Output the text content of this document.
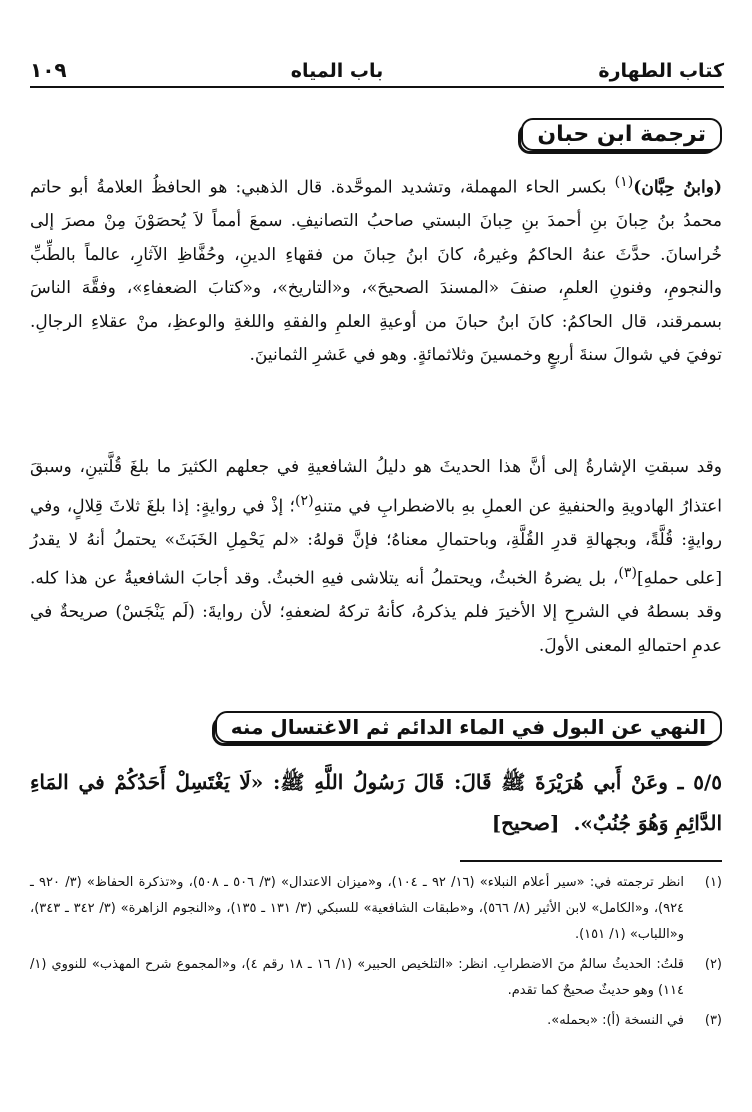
كتاب الطهارة
باب المياه
١٠٩
ترجمة ابن حبان

(وابنُ حِبَّان)$^{(١)}$ بكسر الحاء المهملة، وتشديد الموحَّدة. قال الذهبي: هو الحافظُ العلامةُ أبو حاتم محمدُ بنُ حِبانَ بنِ أحمدَ بنِ حِبانَ البستي صاحبُ التصانيفِ. سمعَ أمماً لاَ يُحصَوْنَ مِنْ مصرَ إلى خُراسانَ. حدَّثَ عنهُ الحاكمُ وغيرهُ، كانَ ابنُ حِبانَ من فقهاءِ الدينِ، وحُفَّاظِ الآثارِ، عالماً بالطِّبِّ والنجومِ، وفنونِ العلمِ، صنفَ «المسندَ الصحيحَ»، و«التاريخ»، و«كتابَ الضعفاءِ»، وفقَّهَ الناسَ بسمرقند، قال الحاكمُ: كانَ ابنُ حبانَ من أوعيةِ العلمِ والفقهِ واللغةِ والوعظِ، منْ عقلاءِ الرجالِ. توفيَ في شوالَ سنةَ أربعٍ وخمسينَ وثلاثمائةٍ. وهو في عَشرِ الثمانينَ.

وقد سبقتِ الإشارةُ إلى أنَّ هذا الحديثَ هو دليلُ الشافعيةِ في جعلهم الكثيرَ ما بلغَ قُلَّتينِ، وسبقَ اعتذارُ الهادويةِ والحنفيةِ عن العملِ بهِ بالاضطرابِ في متنهِ$^{(٢)}$؛ إذْ في روايةٍ: إذا بلغَ ثلاثَ قِلالٍ، وفي روايةٍ: قُلَّةً، وبجهالةِ قدرِ القُلَّةِ، وباحتمالِ معناهُ؛ فإنَّ قولهُ: «لم يَحْمِلِ الخَبَثَ» يحتملُ أنهُ لا يقدرُ [على حملهِ]$^{(٣)}$، بل يضرهُ الخبثُ، ويحتملُ أنه يتلاشى فيهِ الخبثُ. وقد أجابَ الشافعيةُ عن هذا كله. وقد بسطهُ في الشرحِ إلا الأخيرَ فلم يذكرهُ، كأنهُ تركهُ لضعفهِ؛ لأن روايةَ: (لَم يَنْجَسْ) صريحةٌ في عدمِ احتمالهِ المعنى الأولَ.

النهي عن البول في الماء الدائم ثم الاغتسال منه

٥/٥ ـ وعَنْ أَبي هُرَيْرَةَ ﷺ قَالَ: قَالَ رَسُولُ اللَّهِ ﷺ: «لَا يَغْتَسِلْ أَحَدُكُمْ في المَاءِ الدَّائِمِ وَهُوَ جُنُبٌ».[صحيح]

(١)
انظر ترجمته في: «سير أعلام النبلاء» (١٦/ ٩٢ ـ ١٠٤)، و«ميزان الاعتدال» (٣/ ٥٠٦ ـ ٥٠٨)، و«تذكرة الحفاظ» (٣/ ٩٢٠ ـ ٩٢٤)، و«الكامل» لابن الأثير (٨/ ٥٦٦)، و«طبقات الشافعية» للسبكي (٣/ ١٣١ ـ ١٣٥)، و«النجوم الزاهرة» (٣/ ٣٤٢ ـ ٣٤٣)، و«اللباب» (١/ ١٥١).
(٢)
قلتُ: الحديثُ سالمٌ منَ الاضطرابِ. انظر: «التلخيص الحبير» (١/ ١٦ ـ ١٨ رقم ٤)، و«المجموع شرح المهذب» للنووي (١/ ١١٤) وهو حديثٌ صحيحٌ كما تقدم.
(٣)
في النسخة (أ): «بحمله».
